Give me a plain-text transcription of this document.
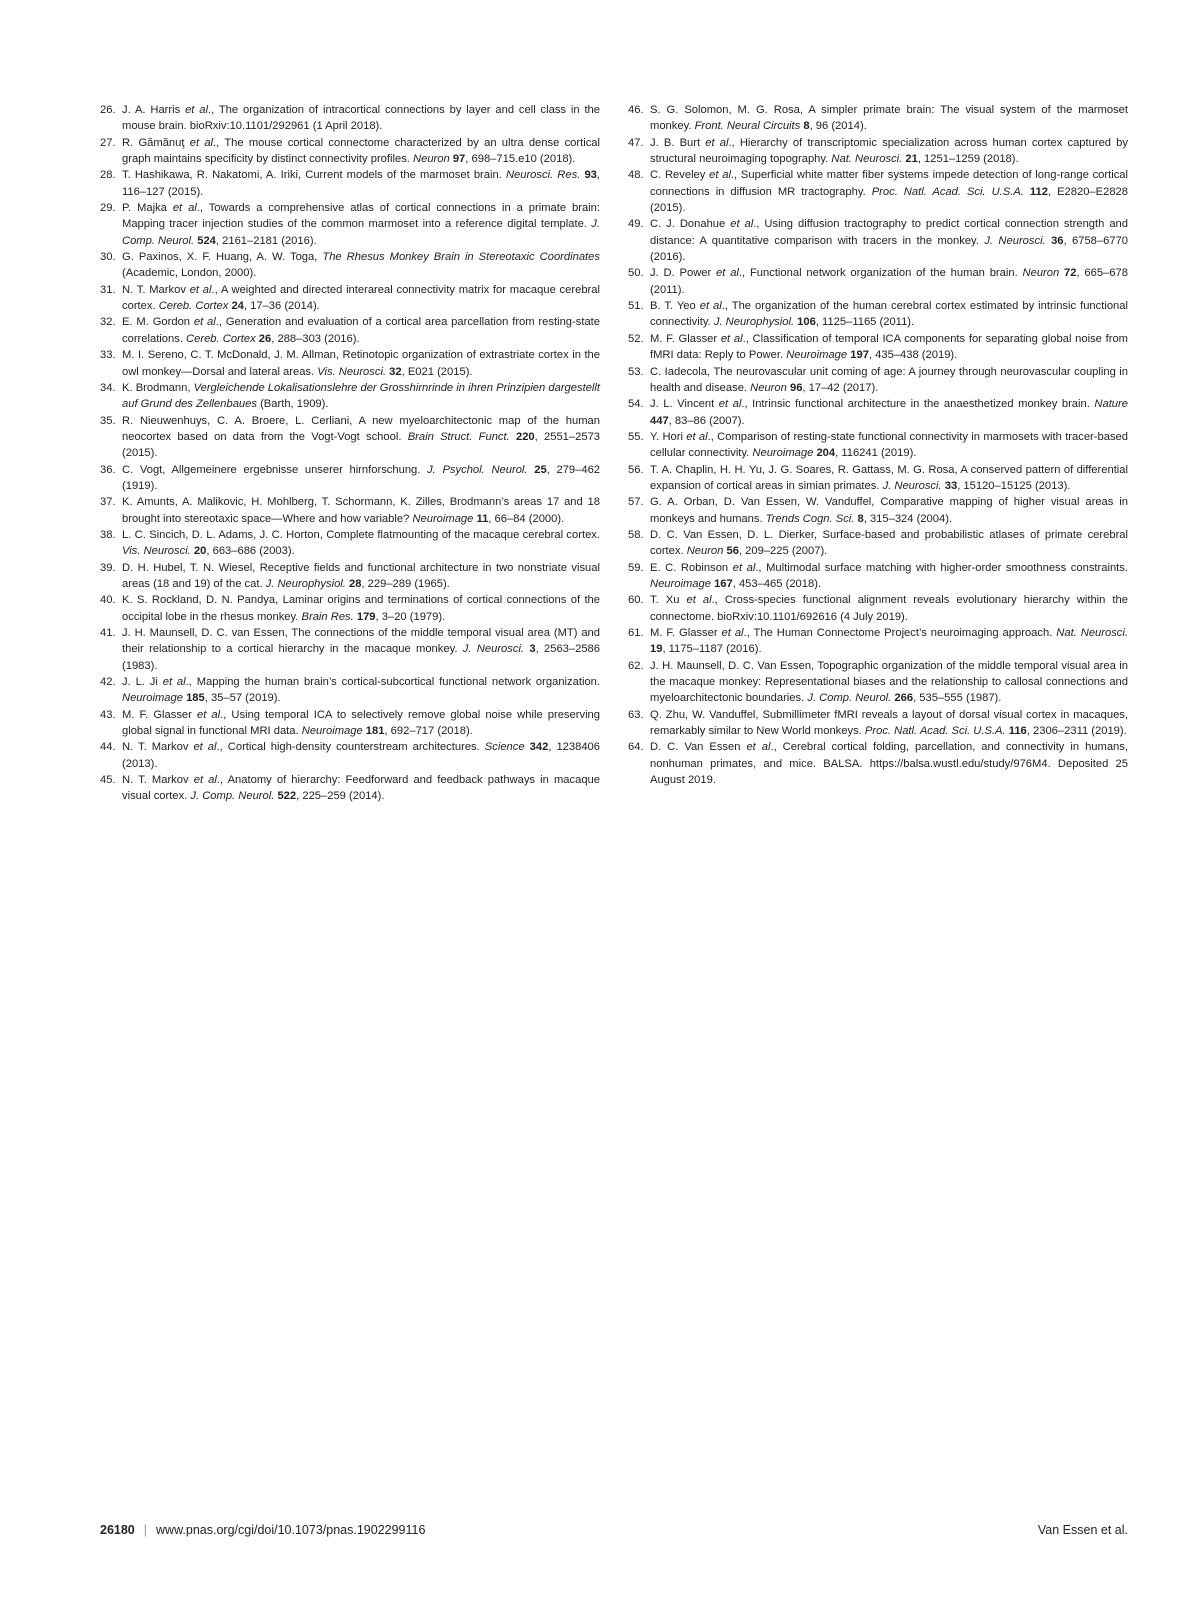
26. J. A. Harris et al., The organization of intracortical connections by layer and cell class in the mouse brain. bioRxiv:10.1101/292961 (1 April 2018).
27. R. Gămănuţ et al., The mouse cortical connectome characterized by an ultra dense cortical graph maintains specificity by distinct connectivity profiles. Neuron 97, 698–715.e10 (2018).
28. T. Hashikawa, R. Nakatomi, A. Iriki, Current models of the marmoset brain. Neurosci. Res. 93, 116–127 (2015).
29. P. Majka et al., Towards a comprehensive atlas of cortical connections in a primate brain: Mapping tracer injection studies of the common marmoset into a reference digital template. J. Comp. Neurol. 524, 2161–2181 (2016).
30. G. Paxinos, X. F. Huang, A. W. Toga, The Rhesus Monkey Brain in Stereotaxic Coordinates (Academic, London, 2000).
31. N. T. Markov et al., A weighted and directed interareal connectivity matrix for macaque cerebral cortex. Cereb. Cortex 24, 17–36 (2014).
32. E. M. Gordon et al., Generation and evaluation of a cortical area parcellation from resting-state correlations. Cereb. Cortex 26, 288–303 (2016).
33. M. I. Sereno, C. T. McDonald, J. M. Allman, Retinotopic organization of extrastriate cortex in the owl monkey—Dorsal and lateral areas. Vis. Neurosci. 32, E021 (2015).
34. K. Brodmann, Vergleichende Lokalisationslehre der Grosshirnrinde in ihren Prinzipien dargestellt auf Grund des Zellenbaues (Barth, 1909).
35. R. Nieuwenhuys, C. A. Broere, L. Cerliani, A new myeloarchitectonic map of the human neocortex based on data from the Vogt-Vogt school. Brain Struct. Funct. 220, 2551–2573 (2015).
36. C. Vogt, Allgemeinere ergebnisse unserer hirnforschung. J. Psychol. Neurol. 25, 279–462 (1919).
37. K. Amunts, A. Malikovic, H. Mohlberg, T. Schormann, K. Zilles, Brodmann’s areas 17 and 18 brought into stereotaxic space—Where and how variable? Neuroimage 11, 66–84 (2000).
38. L. C. Sincich, D. L. Adams, J. C. Horton, Complete flatmounting of the macaque cerebral cortex. Vis. Neurosci. 20, 663–686 (2003).
39. D. H. Hubel, T. N. Wiesel, Receptive fields and functional architecture in two nonstriate visual areas (18 and 19) of the cat. J. Neurophysiol. 28, 229–289 (1965).
40. K. S. Rockland, D. N. Pandya, Laminar origins and terminations of cortical connections of the occipital lobe in the rhesus monkey. Brain Res. 179, 3–20 (1979).
41. J. H. Maunsell, D. C. van Essen, The connections of the middle temporal visual area (MT) and their relationship to a cortical hierarchy in the macaque monkey. J. Neurosci. 3, 2563–2586 (1983).
42. J. L. Ji et al., Mapping the human brain’s cortical-subcortical functional network organization. Neuroimage 185, 35–57 (2019).
43. M. F. Glasser et al., Using temporal ICA to selectively remove global noise while preserving global signal in functional MRI data. Neuroimage 181, 692–717 (2018).
44. N. T. Markov et al., Cortical high-density counterstream architectures. Science 342, 1238406 (2013).
45. N. T. Markov et al., Anatomy of hierarchy: Feedforward and feedback pathways in macaque visual cortex. J. Comp. Neurol. 522, 225–259 (2014).
46. S. G. Solomon, M. G. Rosa, A simpler primate brain: The visual system of the marmoset monkey. Front. Neural Circuits 8, 96 (2014).
47. J. B. Burt et al., Hierarchy of transcriptomic specialization across human cortex captured by structural neuroimaging topography. Nat. Neurosci. 21, 1251–1259 (2018).
48. C. Reveley et al., Superficial white matter fiber systems impede detection of long-range cortical connections in diffusion MR tractography. Proc. Natl. Acad. Sci. U.S.A. 112, E2820–E2828 (2015).
49. C. J. Donahue et al., Using diffusion tractography to predict cortical connection strength and distance: A quantitative comparison with tracers in the monkey. J. Neurosci. 36, 6758–6770 (2016).
50. J. D. Power et al., Functional network organization of the human brain. Neuron 72, 665–678 (2011).
51. B. T. Yeo et al., The organization of the human cerebral cortex estimated by intrinsic functional connectivity. J. Neurophysiol. 106, 1125–1165 (2011).
52. M. F. Glasser et al., Classification of temporal ICA components for separating global noise from fMRI data: Reply to Power. Neuroimage 197, 435–438 (2019).
53. C. Iadecola, The neurovascular unit coming of age: A journey through neurovascular coupling in health and disease. Neuron 96, 17–42 (2017).
54. J. L. Vincent et al., Intrinsic functional architecture in the anaesthetized monkey brain. Nature 447, 83–86 (2007).
55. Y. Hori et al., Comparison of resting-state functional connectivity in marmosets with tracer-based cellular connectivity. Neuroimage 204, 116241 (2019).
56. T. A. Chaplin, H. H. Yu, J. G. Soares, R. Gattass, M. G. Rosa, A conserved pattern of differential expansion of cortical areas in simian primates. J. Neurosci. 33, 15120–15125 (2013).
57. G. A. Orban, D. Van Essen, W. Vanduffel, Comparative mapping of higher visual areas in monkeys and humans. Trends Cogn. Sci. 8, 315–324 (2004).
58. D. C. Van Essen, D. L. Dierker, Surface-based and probabilistic atlases of primate cerebral cortex. Neuron 56, 209–225 (2007).
59. E. C. Robinson et al., Multimodal surface matching with higher-order smoothness constraints. Neuroimage 167, 453–465 (2018).
60. T. Xu et al., Cross-species functional alignment reveals evolutionary hierarchy within the connectome. bioRxiv:10.1101/692616 (4 July 2019).
61. M. F. Glasser et al., The Human Connectome Project’s neuroimaging approach. Nat. Neurosci. 19, 1175–1187 (2016).
62. J. H. Maunsell, D. C. Van Essen, Topographic organization of the middle temporal visual area in the macaque monkey: Representational biases and the relationship to callosal connections and myeloarchitectonic boundaries. J. Comp. Neurol. 266, 535–555 (1987).
63. Q. Zhu, W. Vanduffel, Submillimeter fMRI reveals a layout of dorsal visual cortex in macaques, remarkably similar to New World monkeys. Proc. Natl. Acad. Sci. U.S.A. 116, 2306–2311 (2019).
64. D. C. Van Essen et al., Cerebral cortical folding, parcellation, and connectivity in humans, nonhuman primates, and mice. BALSA. https://balsa.wustl.edu/study/976M4. Deposited 25 August 2019.
26180 | www.pnas.org/cgi/doi/10.1073/pnas.1902299116	Van Essen et al.
